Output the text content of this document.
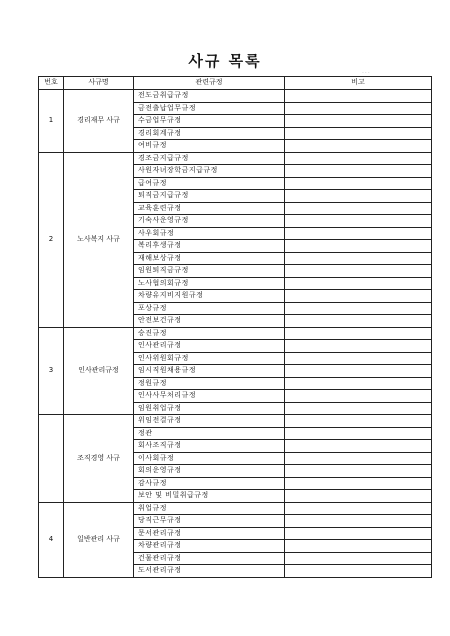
사규 목록
···
번호	사규명	관련규정	비고
1	경리재무 사규	전도금취급규정	
		금전출납업무규정	
		수금업무규정	
		경리회계규정	
		여비규정	
2	노사복지 사규	경조금지급규정	
		사원자녀장학금지급규정	
		급여규정	
		퇴직금지급규정	
		교육훈련규정	
		기숙사운영규정	
		사우회규정	
		복리후생규정	
		재해보상규정	
		임원퇴직금규정	
		노사협의회규정	
		차량유지비지원규정	
		포상규정	
		안전보건규정	
3	인사관리규정	승진규정	
		인사관리규정	
		인사위원회규정	
		임시직원채용규정	
		정원규정	
		인사사무처리규정	
		임원취업규정	
	조직경영 사규	위임전결규정	
		정관	
		회사조직규정	
		이사회규정	
		회의운영규정	
		감사규정	
		보안 및 비밀취급규정	
4	일반관리 사규	취업규정	
		당직근무규정	
		문서관리규정	
		차량관리규정	
		건물관리규정	
		도서관리규정	
